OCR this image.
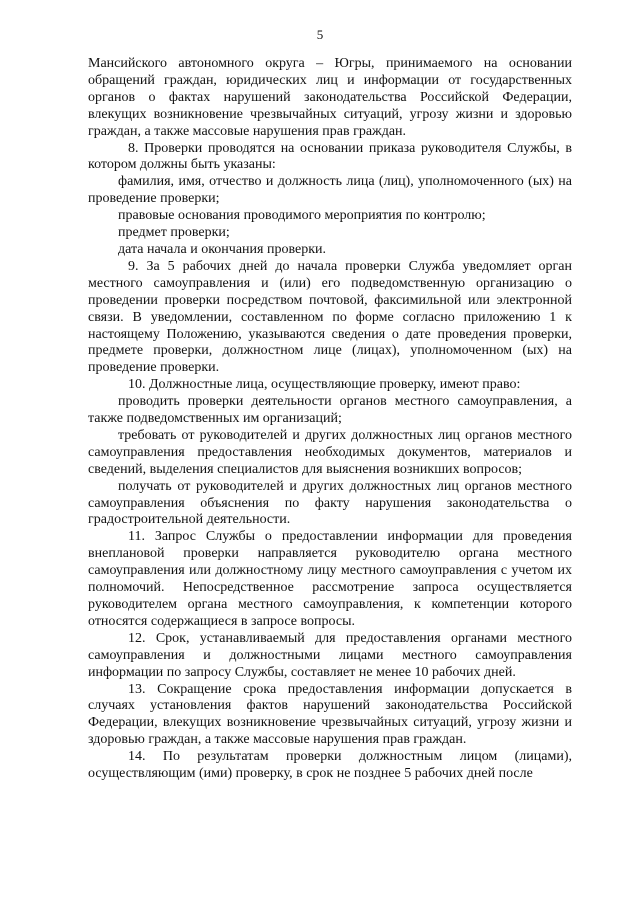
5

Мансийского автономного округа – Югры, принимаемого на основании обращений граждан, юридических лиц и информации от государственных органов о фактах нарушений законодательства Российской Федерации, влекущих возникновение чрезвычайных ситуаций, угрозу жизни и здоровью граждан, а также массовые нарушения прав граждан.

8. Проверки проводятся на основании приказа руководителя Службы, в котором должны быть указаны:

фамилия, имя, отчество и должность лица (лиц), уполномоченного (ых) на проведение проверки;

правовые основания проводимого мероприятия по контролю;

предмет проверки;

дата начала и окончания проверки.

9. За 5 рабочих дней до начала проверки Служба уведомляет орган местного самоуправления и (или) его подведомственную организацию о проведении проверки посредством почтовой, факсимильной или электронной связи. В уведомлении, составленном по форме согласно приложению 1 к настоящему Положению, указываются сведения о дате проведения проверки, предмете проверки, должностном лице (лицах), уполномоченном (ых) на проведение проверки.

10. Должностные лица, осуществляющие проверку, имеют право:

проводить проверки деятельности органов местного самоуправления, а также подведомственных им организаций;

требовать от руководителей и других должностных лиц органов местного самоуправления предоставления необходимых документов, материалов и сведений, выделения специалистов для выяснения возникших вопросов;

получать от руководителей и других должностных лиц органов местного самоуправления объяснения по факту нарушения законодательства о градостроительной деятельности.

11. Запрос Службы о предоставлении информации для проведения внеплановой проверки направляется руководителю органа местного самоуправления или должностному лицу местного самоуправления с учетом их полномочий. Непосредственное рассмотрение запроса осуществляется руководителем органа местного самоуправления, к компетенции которого относятся содержащиеся в запросе вопросы.

12. Срок, устанавливаемый для предоставления органами местного самоуправления и должностными лицами местного самоуправления информации по запросу Службы, составляет не менее 10 рабочих дней.

13. Сокращение срока предоставления информации допускается в случаях установления фактов нарушений законодательства Российской Федерации, влекущих возникновение чрезвычайных ситуаций, угрозу жизни и здоровью граждан, а также массовые нарушения прав граждан.

14. По результатам проверки должностным лицом (лицами), осуществляющим (ими) проверку, в срок не позднее 5 рабочих дней после
